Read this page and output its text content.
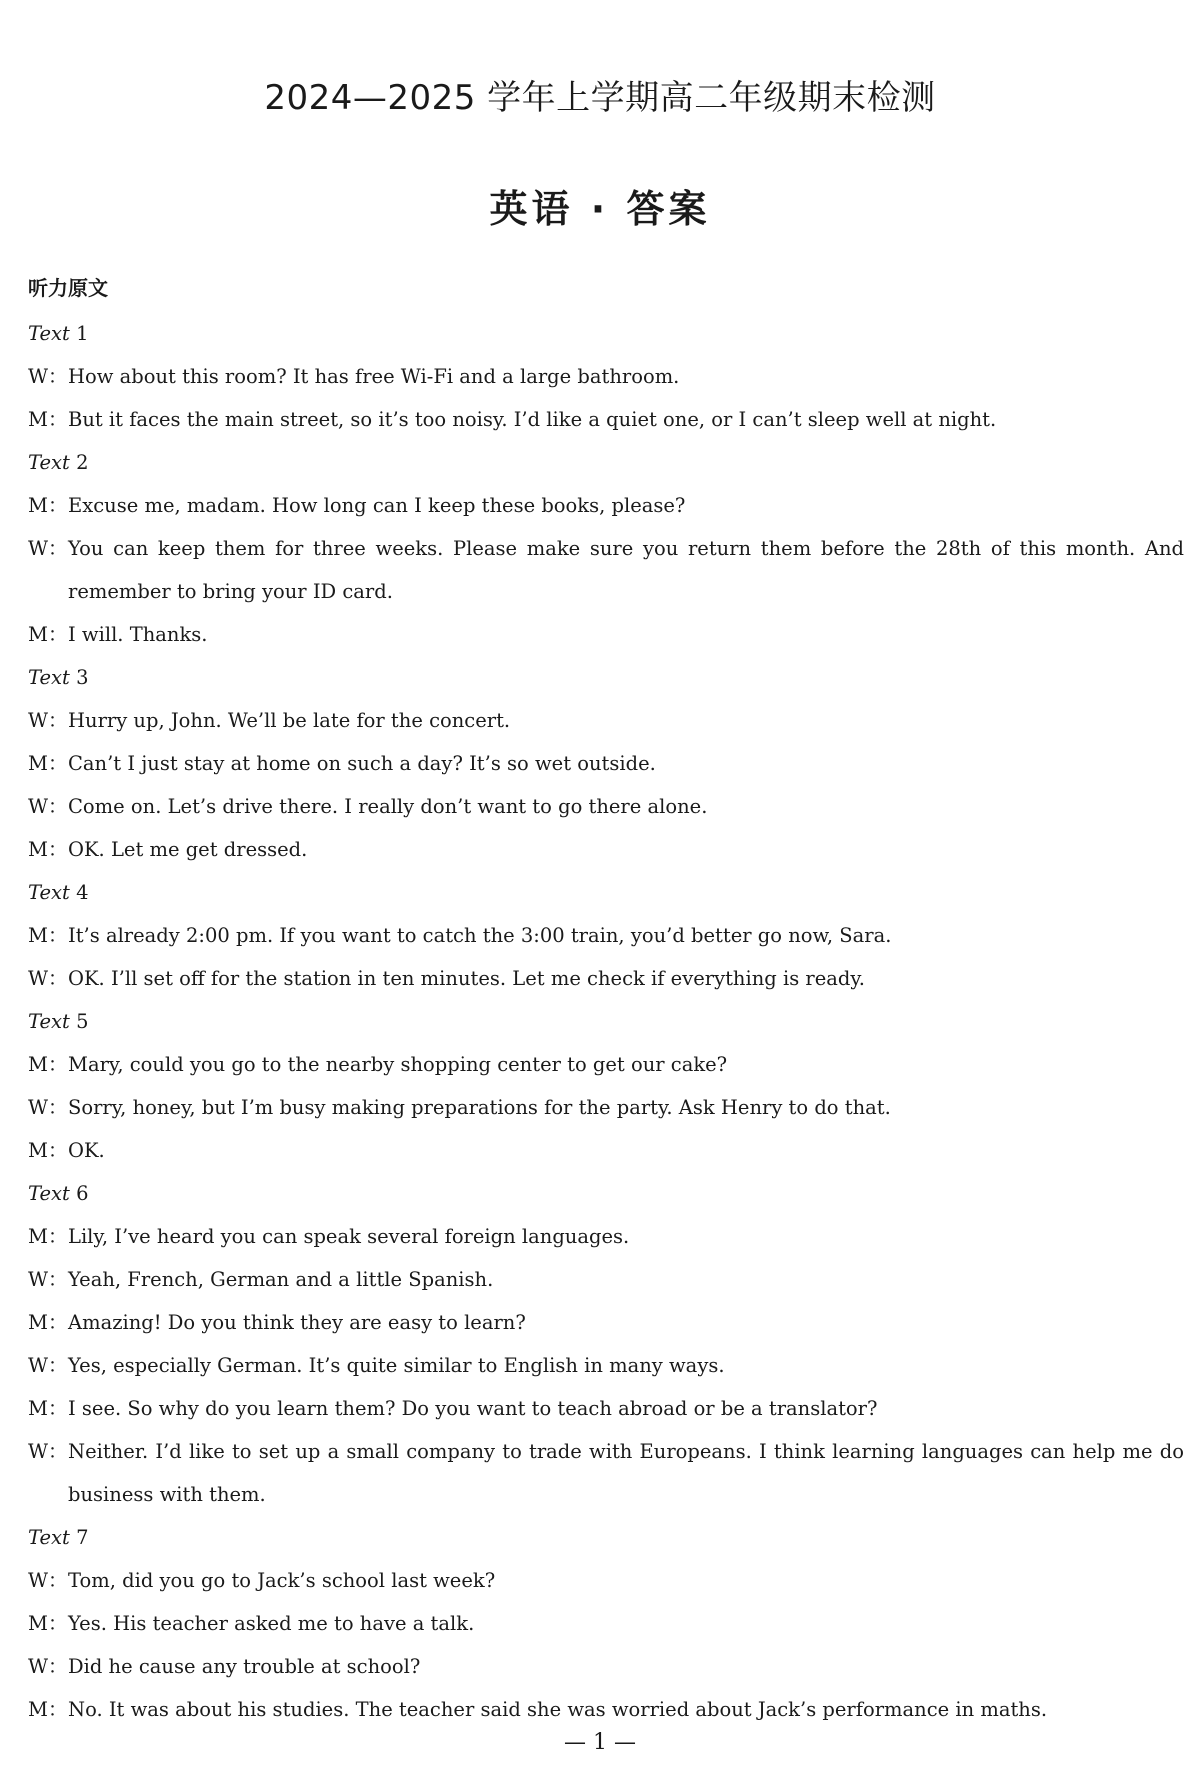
2024—2025 学年上学期高二年级期末检测
英语 · 答案
听力原文
Text 1
W： How about this room? It has free Wi-Fi and a large bathroom.
M： But it faces the main street, so it’s too noisy. I’d like a quiet one, or I can’t sleep well at night.
Text 2
M： Excuse me, madam. How long can I keep these books, please?
W： You can keep them for three weeks. Please make sure you return them before the 28th of this month. And remember to bring your ID card.
M： I will. Thanks.
Text 3
W： Hurry up, John. We’ll be late for the concert.
M： Can’t I just stay at home on such a day? It’s so wet outside.
W： Come on. Let’s drive there. I really don’t want to go there alone.
M： OK. Let me get dressed.
Text 4
M： It’s already 2:00 pm. If you want to catch the 3:00 train, you’d better go now, Sara.
W： OK. I’ll set off for the station in ten minutes. Let me check if everything is ready.
Text 5
M： Mary, could you go to the nearby shopping center to get our cake?
W： Sorry, honey, but I’m busy making preparations for the party. Ask Henry to do that.
M： OK.
Text 6
M： Lily, I’ve heard you can speak several foreign languages.
W： Yeah, French, German and a little Spanish.
M： Amazing! Do you think they are easy to learn?
W： Yes, especially German. It’s quite similar to English in many ways.
M： I see. So why do you learn them? Do you want to teach abroad or be a translator?
W： Neither. I’d like to set up a small company to trade with Europeans. I think learning languages can help me do business with them.
Text 7
W： Tom, did you go to Jack’s school last week?
M： Yes. His teacher asked me to have a talk.
W： Did he cause any trouble at school?
M： No. It was about his studies. The teacher said she was worried about Jack’s performance in maths.
— 1 —
